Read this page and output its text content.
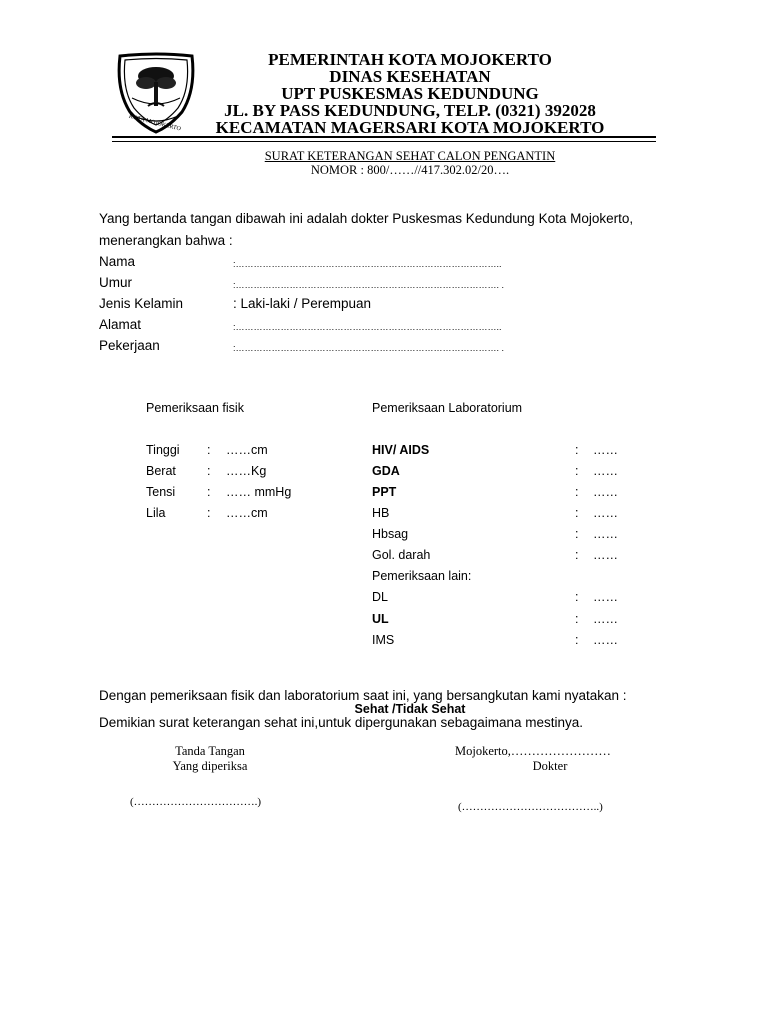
KOTA MOJOKERTO
PEMERINTAH KOTA MOJOKERTO
DINAS KESEHATAN
UPT PUSKESMAS KEDUNDUNG
JL. BY PASS KEDUNDUNG, TELP. (0321) 392028
KECAMATAN MAGERSARI KOTA MOJOKERTO
SURAT KETERANGAN SEHAT CALON PENGANTIN
NOMOR : 800/……//417.302.02/20….
Yang bertanda tangan dibawah ini adalah dokter Puskesmas Kedundung Kota Mojokerto,
menerangkan bahwa :
Nama	:……………………………………………………………………………..
Umur	:……………………………………………………………………………. .
Jenis Kelamin	: Laki-laki / Perempuan
Alamat	:……………………………………………………………………………..
Pekerjaan	:……………………………………………………………………………. .
Pemeriksaan fisik
Tinggi : ……cm
Berat : ……Kg
Tensi	: …… mmHg
Lila	: ……cm
Pemeriksaan Laboratorium
HIV/ AIDS	: ……
GDA	: ……
PPT	: ……
HB	: ……
Hbsag	: ……
Gol. darah	: ……
Pemeriksaan lain:
DL	: ……
UL	: ……
IMS	: ……
Dengan pemeriksaan fisik dan laboratorium saat ini, yang bersangkutan kami nyatakan :
Sehat /Tidak Sehat
Demikian surat keterangan sehat ini,untuk dipergunakan sebagaimana mestinya.
Tanda Tangan
Yang diperiksa
(…………………………….)
Mojokerto,……………………
Dokter
(………………………………..)
